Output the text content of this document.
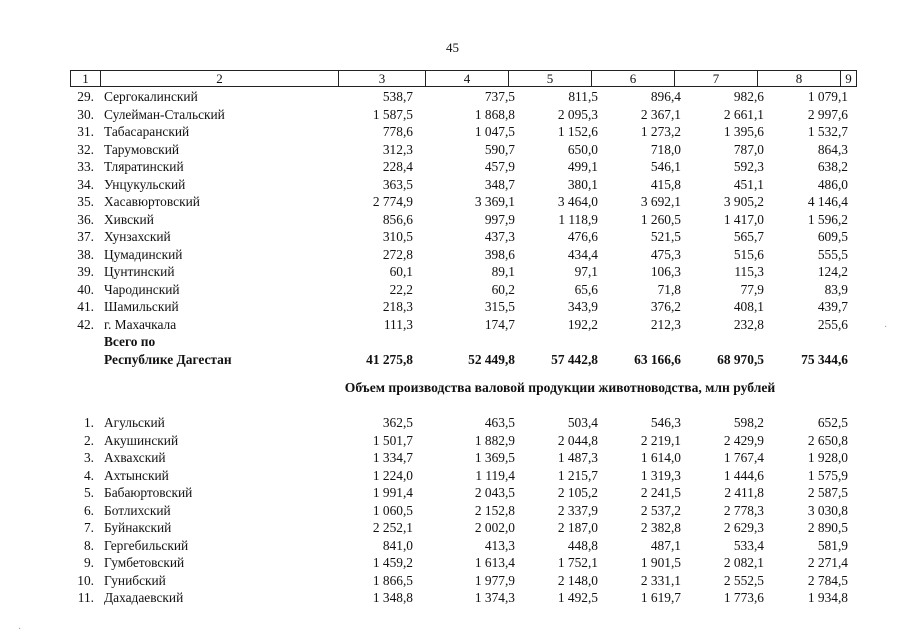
45
1	2	3	4	5	6	7	8	9
29. Сергокалинский	538,7	737,5	811,5	896,4	982,6	1 079,1
30. Сулейман-Стальский	1 587,5	1 868,8	2 095,3	2 367,1	2 661,1	2 997,6
31. Табасаранский	778,6	1 047,5	1 152,6	1 273,2	1 395,6	1 532,7
32. Тарумовский	312,3	590,7	650,0	718,0	787,0	864,3
33. Тляратинский	228,4	457,9	499,1	546,1	592,3	638,2
34. Унцукульский	363,5	348,7	380,1	415,8	451,1	486,0
35. Хасавюртовский	2 774,9	3 369,1	3 464,0	3 692,1	3 905,2	4 146,4
36. Хивский	856,6	997,9	1 118,9	1 260,5	1 417,0	1 596,2
37. Хунзахский	310,5	437,3	476,6	521,5	565,7	609,5
38. Цумадинский	272,8	398,6	434,4	475,3	515,6	555,5
39. Цунтинский	60,1	89,1	97,1	106,3	115,3	124,2
40. Чародинский	22,2	60,2	65,6	71,8	77,9	83,9
41. Шамильский	218,3	315,5	343,9	376,2	408,1	439,7
42. г. Махачкала	111,3	174,7	192,2	212,3	232,8	255,6
Всего по
Республике Дагестан	41 275,8	52 449,8	57 442,8	63 166,6	68 970,5	75 344,6
1. Агульский	362,5	463,5	503,4	546,3	598,2	652,5
2. Акушинский	1 501,7	1 882,9	2 044,8	2 219,1	2 429,9	2 650,8
3. Ахвахский	1 334,7	1 369,5	1 487,3	1 614,0	1 767,4	1 928,0
4. Ахтынский	1 224,0	1 119,4	1 215,7	1 319,3	1 444,6	1 575,9
5. Бабаюртовский	1 991,4	2 043,5	2 105,2	2 241,5	2 411,8	2 587,5
6. Ботлихский	1 060,5	2 152,8	2 337,9	2 537,2	2 778,3	3 030,8
7. Буйнакский	2 252,1	2 002,0	2 187,0	2 382,8	2 629,3	2 890,5
8. Гергебильский	841,0	413,3	448,8	487,1	533,4	581,9
9. Гумбетовский	1 459,2	1 613,4	1 752,1	1 901,5	2 082,1	2 271,4
10. Гунибский	1 866,5	1 977,9	2 148,0	2 331,1	2 552,5	2 784,5
11. Дахадаевский	1 348,8	1 374,3	1 492,5	1 619,7	1 773,6	1 934,8
Объем производства валовой продукции животноводства, млн рублей
·
·
